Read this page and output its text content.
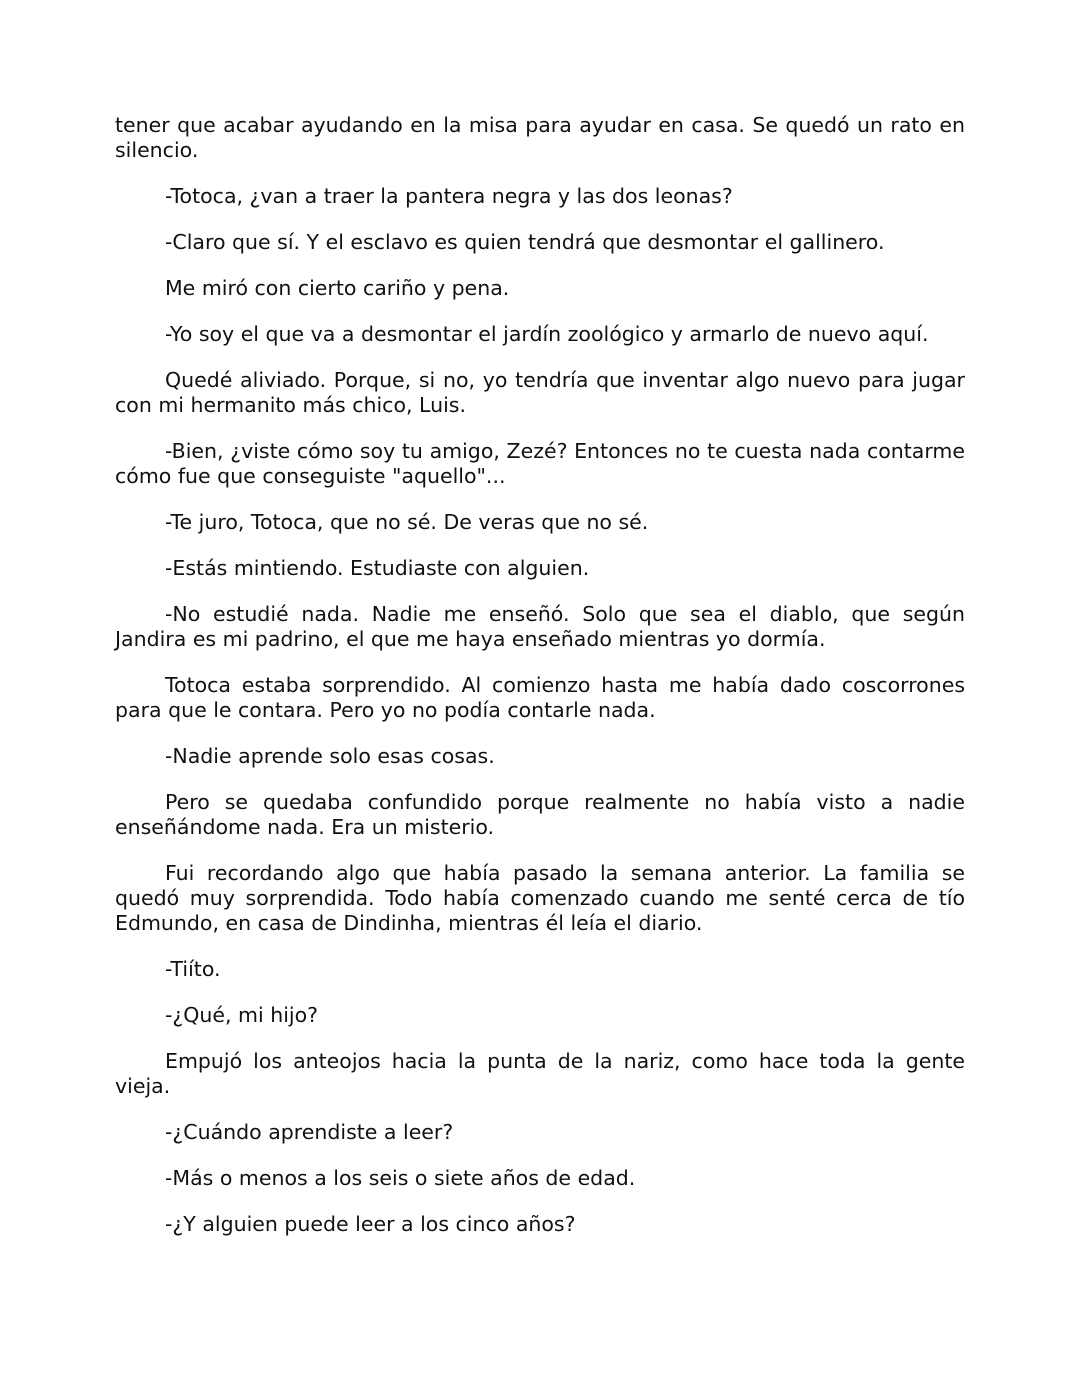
tener que acabar ayudando en la misa para ayudar en casa. Se quedó un rato en silencio.

-Totoca, ¿van a traer la pantera negra y las dos leonas?

-Claro que sí. Y el esclavo es quien tendrá que desmontar el gallinero.

Me miró con cierto cariño y pena.

-Yo soy el que va a desmontar el jardín zoológico y armarlo de nuevo aquí.

Quedé aliviado. Porque, si no, yo tendría que inventar algo nuevo para jugar con mi hermanito más chico, Luis.

-Bien, ¿viste cómo soy tu amigo, Zezé? Entonces no te cuesta nada contarme cómo fue que conseguiste "aquello"...

-Te juro, Totoca, que no sé. De veras que no sé.

-Estás mintiendo. Estudiaste con alguien.

-No estudié nada. Nadie me enseñó. Solo que sea el diablo, que según Jandira es mi padrino, el que me haya enseñado mientras yo dormía.

Totoca estaba sorprendido. Al comienzo hasta me había dado coscorrones para que le contara. Pero yo no podía contarle nada.

-Nadie aprende solo esas cosas.

Pero se quedaba confundido porque realmente no había visto a nadie enseñándome nada. Era un misterio.

Fui recordando algo que había pasado la semana anterior. La familia se quedó muy sorprendida. Todo había comenzado cuando me senté cerca de tío Edmundo, en casa de Dindinha, mientras él leía el diario.

-Tiíto.

-¿Qué, mi hijo?

Empujó los anteojos hacia la punta de la nariz, como hace toda la gente vieja.

-¿Cuándo aprendiste a leer?

-Más o menos a los seis o siete años de edad.

-¿Y alguien puede leer a los cinco años?
